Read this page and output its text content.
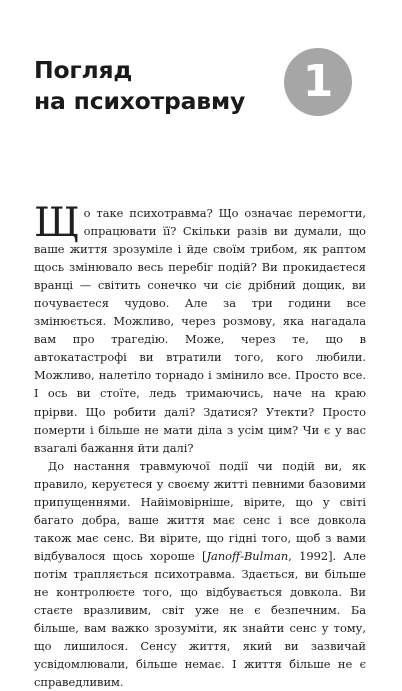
Погляд
на психотравму 1

Що таке психотравма? Що означає перемогти, опрацювати її? Скільки разів ви думали, що ваше життя зрозуміле і йде своїм трибом, як раптом щось змінювало весь перебіг подій? Ви прокидаєтеся вранці — світить сонечко чи сіє дрібний дощик, ви почуваєтеся чудово. Але за три години все змінюється. Можливо, через розмову, яка нагадала вам про трагедію. Може, через те, що в автокатастрофі ви втратили того, кого любили. Можливо, налетіло торнадо і змінило все. Просто все. І ось ви стоїте, ледь тримаючись, наче на краю прірви. Що робити далі? Здатися? Утекти? Просто померти і більше не мати діла з усім цим? Чи є у вас взагалі бажання йти далі?

До настання травмуючої події чи подій ви, як правило, керуєтеся у своєму житті певними базовими припущеннями. Найімовірніше, вірите, що у світі багато добра, ваше життя має сенс і все довкола також має сенс. Ви вірите, що гідні того, щоб з вами відбувалося щось хороше [Janoff-Bulman, 1992]. Але потім трапляється психотравма. Здається, ви більше не контролюєте того, що відбувається довкола. Ви стаєте вразливим, світ уже не є безпечним. Ба більше, вам важко зрозуміти, як знайти сенс у тому, що лишилося. Сенсу життя, який ви зазвичай усвідомлювали, більше немає. І життя більше не є справедливим.
